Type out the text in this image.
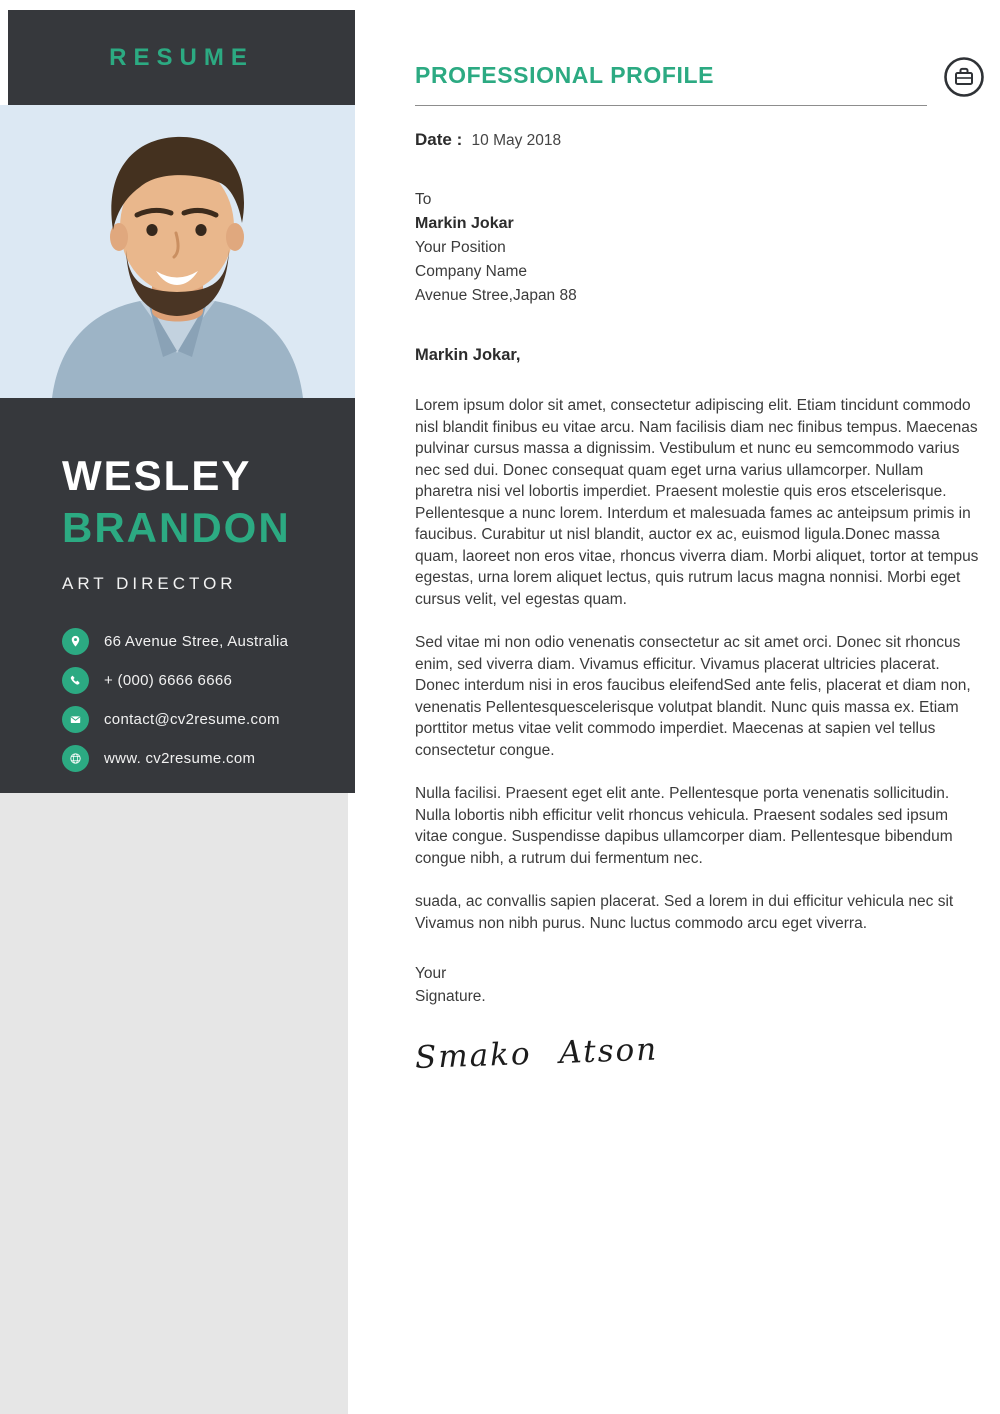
RESUME
WESLEY
BRANDON
ART DIRECTOR
66 Avenue Stree, Australia
+ (000) 6666 6666
contact@cv2resume.com
www. cv2resume.com
PROFESSIONAL PROFILE
Date : 10 May 2018
To
Markin Jokar
Your Position
Company Name
Avenue Stree,Japan 88
Markin Jokar,

Lorem ipsum dolor sit amet, consectetur adipiscing elit. Etiam tincidunt commodo nisl blandit finibus eu vitae arcu. Nam facilisis diam nec finibus tempus. Maecenas pulvinar cursus massa a dignissim. Vestibulum et nunc eu semcommodo varius nec sed dui. Donec consequat quam eget urna varius ullamcorper. Nullam pharetra nisi vel lobortis imperdiet. Praesent molestie quis eros etscelerisque. Pellentesque a nunc lorem. Interdum et malesuada fames ac anteipsum primis in faucibus. Curabitur ut nisl blandit, auctor ex ac, euismod ligula.Donec massa quam, laoreet non eros vitae, rhoncus viverra diam. Morbi aliquet, tortor at tempus egestas, urna lorem aliquet lectus, quis rutrum lacus magna nonnisi. Morbi eget cursus velit, vel egestas quam.

Sed vitae mi non odio venenatis consectetur ac sit amet orci. Donec sit rhoncus enim, sed viverra diam. Vivamus efficitur. Vivamus placerat ultricies placerat. Donec interdum nisi in eros faucibus eleifendSed ante felis, placerat et diam non, venenatis Pellentesquescelerisque volutpat blandit. Nunc quis massa ex. Etiam porttitor metus vitae velit commodo imperdiet. Maecenas at sapien vel tellus consectetur congue.

Nulla facilisi. Praesent eget elit ante. Pellentesque porta venenatis sollicitudin. Nulla lobortis nibh efficitur velit rhoncus vehicula. Praesent sodales sed ipsum vitae congue. Suspendisse dapibus ullamcorper diam. Pellentesque bibendum congue nibh, a rutrum dui fermentum nec.

suada, ac convallis sapien placerat. Sed a lorem in dui efficitur vehicula nec sit Vivamus non nibh purus. Nunc luctus commodo arcu eget viverra.

Your
Signature.
Smako Atson
